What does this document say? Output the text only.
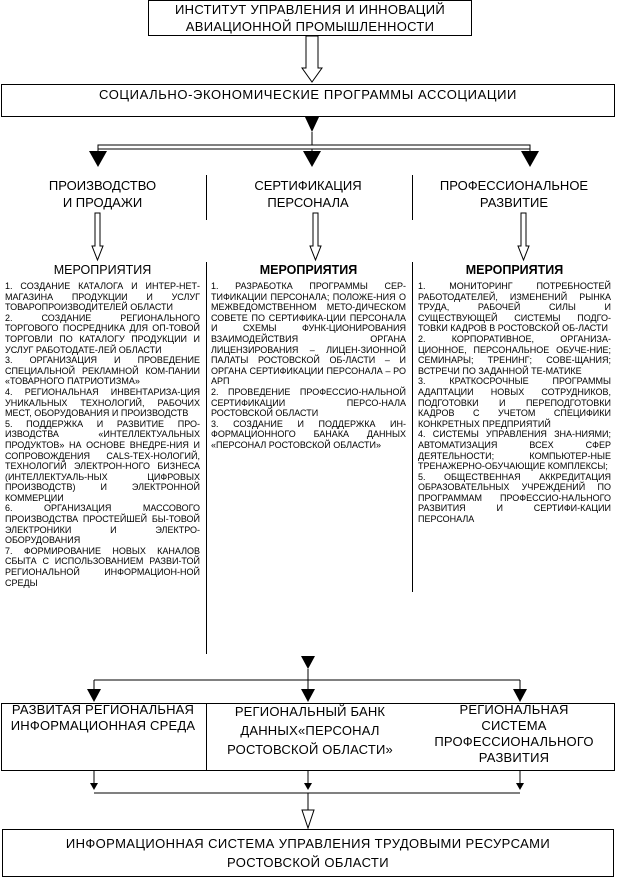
ИНСТИТУТ УПРАВЛЕНИЯ И ИННОВАЦИЙ
АВИАЦИОННОЙ ПРОМЫШЛЕННОСТИ
СОЦИАЛЬНО-ЭКОНОМИЧЕСКИЕ ПРОГРАММЫ АССОЦИАЦИИ
ПРОИЗВОДСТВО
И ПРОДАЖИ
СЕРТИФИКАЦИЯ
ПЕРСОНАЛА
ПРОФЕССИОНАЛЬНОЕ
РАЗВИТИЕ
МЕРОПРИЯТИЯ

1. СОЗДАНИЕ КАТАЛОГА И ИНТЕР-НЕТ-МАГАЗИНА ПРОДУКЦИИ И УСЛУГ ТОВАРОПРОИЗВОДИТЕЛЕЙ ОБЛАСТИ

2. СОЗДАНИЕ РЕГИОНАЛЬНОГО ТОРГОВОГО ПОСРЕДНИКА ДЛЯ ОП-ТОВОЙ ТОРГОВЛИ ПО КАТАЛОГУ ПРОДУКЦИИ И УСЛУГ РАБОТОДАТЕ-ЛЕЙ ОБЛАСТИ

3. ОРГАНИЗАЦИЯ И ПРОВЕДЕНИЕ СПЕЦИАЛЬНОЙ РЕКЛАМНОЙ КОМ-ПАНИИ «ТОВАРНОГО ПАТРИОТИЗМА»

4. РЕГИОНАЛЬНАЯ ИНВЕНТАРИЗА-ЦИЯ УНИКАЛЬНЫХ ТЕХНОЛОГИЙ, РАБОЧИХ МЕСТ, ОБОРУДОВАНИЯ И ПРОИЗВОДСТВ

5. ПОДДЕРЖКА И РАЗВИТИЕ ПРО-ИЗВОДСТВА «ИНТЕЛЛЕКТУАЛЬНЫХ ПРОДУКТОВ» НА ОСНОВЕ ВНЕДРЕ-НИЯ И СОПРОВОЖДЕНИЯ CALS-ТЕХ-НОЛОГИЙ, ТЕХНОЛОГИЙ ЭЛЕКТРОН-НОГО БИЗНЕСА (ИНТЕЛЛЕКТУАЛЬ-НЫХ ЦИФРОВЫХ ПРОИЗВОДСТВ) И ЭЛЕКТРОННОЙ КОММЕРЦИИ

6. ОРГАНИЗАЦИЯ МАССОВОГО ПРОИЗВОДСТВА ПРОСТЕЙШЕЙ БЫ-ТОВОЙ ЭЛЕКТРОНИКИ И ЭЛЕКТРО-ОБОРУДОВАНИЯ

7. ФОРМИРОВАНИЕ НОВЫХ КАНАЛОВ СБЫТА С ИСПОЛЬЗОВАНИЕМ РАЗВИ-ТОЙ РЕГИОНАЛЬНОЙ ИНФОРМАЦИОН-НОЙ СРЕДЫ

МЕРОПРИЯТИЯ

1. РАЗРАБОТКА ПРОГРАММЫ СЕР-ТИФИКАЦИИ ПЕРСОНАЛА; ПОЛОЖЕ-НИЯ О МЕЖВЕДОМСТВЕННОМ МЕТО-ДИЧЕСКОМ СОВЕТЕ ПО СЕРТИФИКА-ЦИИ ПЕРСОНАЛА И СХЕМЫ ФУНК-ЦИОНИРОВАНИЯ ВЗАИМОДЕЙСТВИЯ ОРГАНА ЛИЦЕНЗИРОВАНИЯ – ЛИЦЕН-ЗИОННОЙ ПАЛАТЫ РОСТОВСКОЙ ОБ-ЛАСТИ – И ОРГАНА СЕРТИФИКАЦИИ ПЕРСОНАЛА – РО АРП

2. ПРОВЕДЕНИЕ ПРОФЕССИО-НАЛЬНОЙ СЕРТИФИКАЦИИ ПЕРСО-НАЛА РОСТОВСКОЙ ОБЛАСТИ

3. СОЗДАНИЕ И ПОДДЕРЖКА ИН-ФОРМАЦИОННОГО БАНАКА ДАННЫХ «ПЕРСОНАЛ РОСТОВСКОЙ ОБЛАСТИ»

МЕРОПРИЯТИЯ

1. МОНИТОРИНГ ПОТРЕБНОСТЕЙ РАБОТОДАТЕЛЕЙ, ИЗМЕНЕНИЙ РЫНКА ТРУДА, РАБОЧЕЙ СИЛЫ И СУЩЕСТВУЮЩЕЙ СИСТЕМЫ ПОДГО-ТОВКИ КАДРОВ В РОСТОВСКОЙ ОБ-ЛАСТИ

2. КОРПОРАТИВНОЕ, ОРГАНИЗА-ЦИОННОЕ, ПЕРСОНАЛЬНОЕ ОБУЧЕ-НИЕ; СЕМИНАРЫ; ТРЕНИНГ; СОВЕ-ЩАНИЯ; ВСТРЕЧИ ПО ЗАДАННОЙ ТЕ-МАТИКЕ

3. КРАТКОСРОЧНЫЕ ПРОГРАММЫ АДАПТАЦИИ НОВЫХ СОТРУДНИКОВ, ПОДГОТОВКИ И ПЕРЕПОДГОТОВКИ КАДРОВ С УЧЕТОМ СПЕЦИФИКИ КОНКРЕТНЫХ ПРЕДПРИЯТИЙ

4. СИСТЕМЫ УПРАВЛЕНИЯ ЗНА-НИЯМИ; АВТОМАТИЗАЦИЯ ВСЕХ СФЕР ДЕЯТЕЛЬНОСТИ; КОМПЬЮТЕР-НЫЕ ТРЕНАЖЕРНО-ОБУЧАЮЩИЕ КОМПЛЕКСЫ;

5. ОБЩЕСТВЕННАЯ АККРЕДИТАЦИЯ ОБРАЗОВАТЕЛЬНЫХ УЧРЕЖДЕНИЙ ПО ПРОГРАММАМ ПРОФЕССИО-НАЛЬНОГО РАЗВИТИЯ И СЕРТИФИ-КАЦИИ ПЕРСОНАЛА

РАЗВИТАЯ РЕГИОНАЛЬНАЯ
ИНФОРМАЦИОННАЯ СРЕДА
РЕГИОНАЛЬНЫЙ БАНК
ДАННЫХ«ПЕРСОНАЛ
РОСТОВСКОЙ ОБЛАСТИ»
РЕГИОНАЛЬНАЯ
СИСТЕМА
ПРОФЕССИОНАЛЬНОГО
РАЗВИТИЯ
ИНФОРМАЦИОННАЯ СИСТЕМА УПРАВЛЕНИЯ ТРУДОВЫМИ РЕСУРСАМИ
РОСТОВСКОЙ ОБЛАСТИ
